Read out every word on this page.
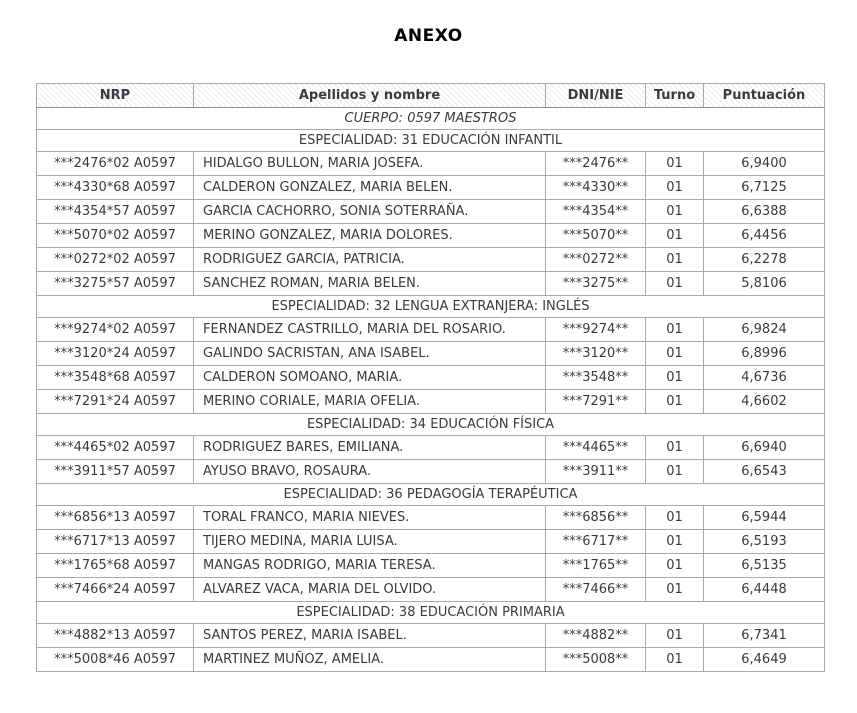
ANEXO
NRP	Apellidos y nombre	DNI/NIE	Turno	Puntuación
CUERPO: 0597 MAESTROS				
ESPECIALIDAD: 31 EDUCACIÓN INFANTIL				
***2476*02 A0597	HIDALGO BULLON, MARIA JOSEFA.	***2476**	01	6,9400
***4330*68 A0597	CALDERON GONZALEZ, MARIA BELEN.	***4330**	01	6,7125
***4354*57 A0597	GARCIA CACHORRO, SONIA SOTERRAÑA.	***4354**	01	6,6388
***5070*02 A0597	MERINO GONZALEZ, MARIA DOLORES.	***5070**	01	6,4456
***0272*02 A0597	RODRIGUEZ GARCIA, PATRICIA.	***0272**	01	6,2278
***3275*57 A0597	SANCHEZ ROMAN, MARIA BELEN.	***3275**	01	5,8106
ESPECIALIDAD: 32 LENGUA EXTRANJERA: INGLÉS				
***9274*02 A0597	FERNANDEZ CASTRILLO, MARIA DEL ROSARIO.	***9274**	01	6,9824
***3120*24 A0597	GALINDO SACRISTAN, ANA ISABEL.	***3120**	01	6,8996
***3548*68 A0597	CALDERON SOMOANO, MARIA.	***3548**	01	4,6736
***7291*24 A0597	MERINO CORIALE, MARIA OFELIA.	***7291**	01	4,6602
ESPECIALIDAD: 34 EDUCACIÓN FÍSICA				
***4465*02 A0597	RODRIGUEZ BARES, EMILIANA.	***4465**	01	6,6940
***3911*57 A0597	AYUSO BRAVO, ROSAURA.	***3911**	01	6,6543
ESPECIALIDAD: 36 PEDAGOGÍA TERAPÉUTICA				
***6856*13 A0597	TORAL FRANCO, MARIA NIEVES.	***6856**	01	6,5944
***6717*13 A0597	TIJERO MEDINA, MARIA LUISA.	***6717**	01	6,5193
***1765*68 A0597	MANGAS RODRIGO, MARIA TERESA.	***1765**	01	6,5135
***7466*24 A0597	ALVAREZ VACA, MARIA DEL OLVIDO.	***7466**	01	6,4448
ESPECIALIDAD: 38 EDUCACIÓN PRIMARIA				
***4882*13 A0597	SANTOS PEREZ, MARIA ISABEL.	***4882**	01	6,7341
***5008*46 A0597	MARTINEZ MUÑOZ, AMELIA.	***5008**	01	6,4649
